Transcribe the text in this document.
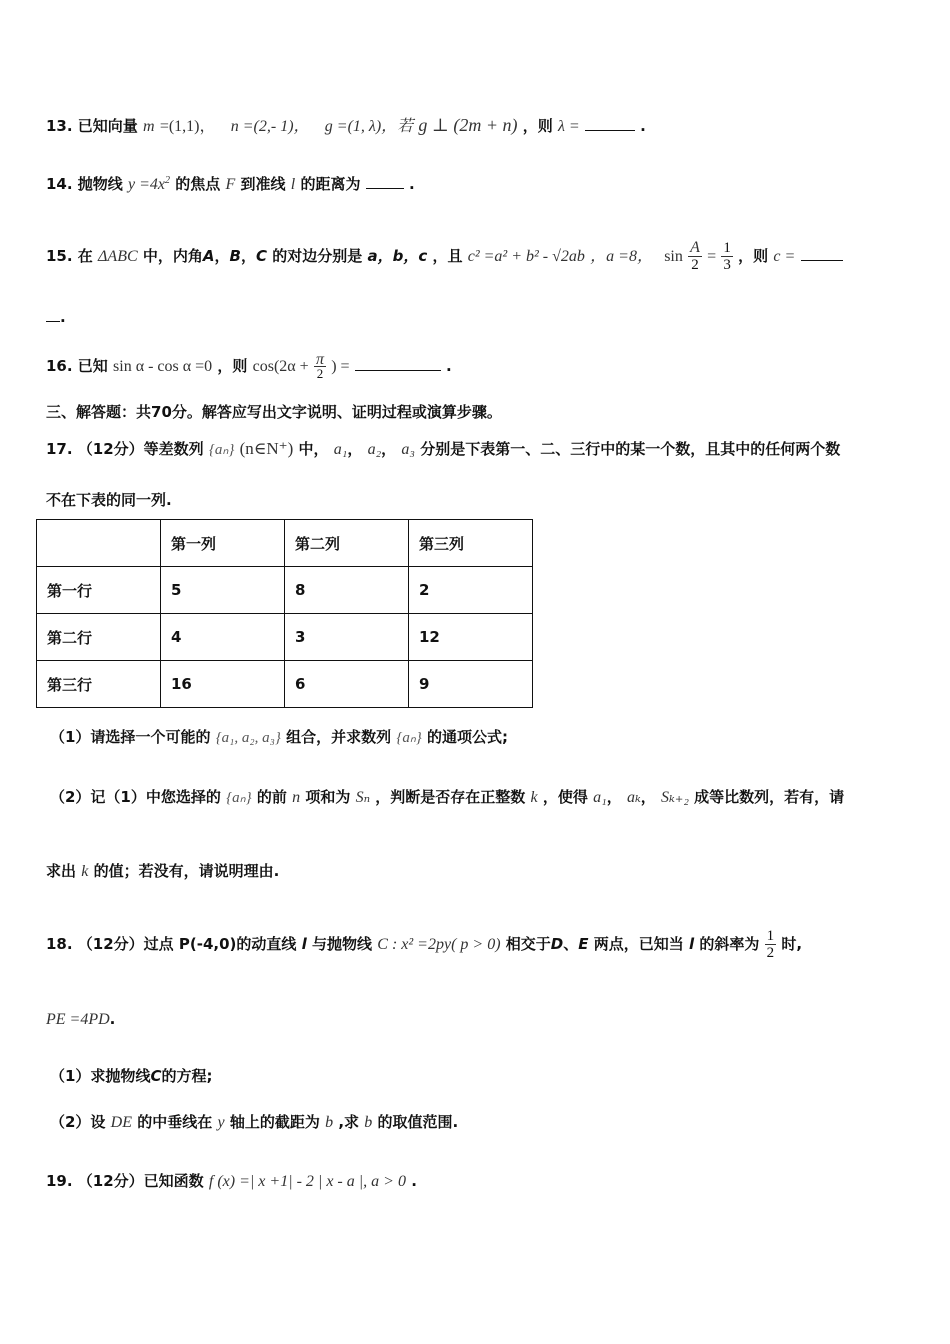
13. 已知向量 m =(1,1)， n =(2,- 1)， g =(1, λ)，若 g ⊥ (2m + n) ，则 λ =	.
14. 抛物线 $y =4x^2$ 的焦点 F 到准线 l 的距离为	.
15. 在 ΔABC 中，内角A，B，C 的对边分别是 a，b，c ，且 c² =a² + b² - √2ab ，a =8， $\sin \frac{A}{2} = \frac{1}{3}$ ，则 c =
.
16. 已知 sin α - cos α =0 ，则 $\cos(2\alpha + \frac{\pi}{2}$ ) =	.
三、解答题：共70分。解答应写出文字说明、证明过程或演算步骤。
17. （12分）等差数列 {aₙ} (n∈N⁺) 中， a₁， a₂， a₃ 分别是下表第一、二、三行中的某一个数，且其中的任何两个数
不在下表的同一列.
	第一列	第二列	第三列
第一行	5	8	2
第二行	4	3	12
第三行	16	6	9
（1）请选择一个可能的 {a₁, a₂, a₃} 组合，并求数列 {aₙ} 的通项公式;
（2）记（1）中您选择的 {aₙ} 的前 n 项和为 Sₙ ，判断是否存在正整数 k ，使得 a₁， aₖ， Sₖ₊₂ 成等比数列，若有，请
求出 k 的值；若没有，请说明理由.
18. （12分）过点 P(-4,0)的动直线 l 与抛物线 C : x² =2py( p > 0) 相交于D、E 两点，已知当 l 的斜率为 $\frac{1}{2}$ 时,
PE =4PD.
（1）求抛物线C的方程;
（2）设 DE 的中垂线在 y 轴上的截距为 b ,求 b 的取值范围.
19. （12分）已知函数 f (x) =| x +1| - 2 | x - a |, a > 0 .
